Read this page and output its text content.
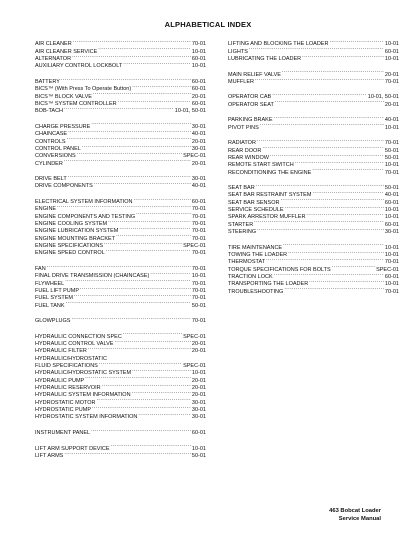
ALPHABETICAL INDEX
AIR CLEANER .....	70-01
AIR CLEANER SERVICE .....	10-01
ALTERNATOR .....	60-01
AUXILIARY CONTROL LOCKBOLT .....	10-01
BATTERY .....	60-01
BICS™ (With Press To Operate Button) .....	60-01
BICS™ BLOCK VALVE .....	20-01
BICS™ SYSTEM CONTROLLER .....	60-01
BOB-TACH .....	10-01, 50-01
CHARGE PRESSURE .....	30-01
CHAINCASE .....	40-01
CONTROLS .....	20-01
CONTROL PANEL .....	30-01
CONVERSIONS .....	SPEC-01
CYLINDER .....	20-01
DRIVE BELT .....	30-01
DRIVE COMPONENTS .....	40-01
ELECTRICAL SYSTEM INFORMATION .....	60-01
ENGINE .....	70-01
ENGINE COMPONENTS AND TESTING .....	70-01
ENGINE COOLING SYSTEM .....	70-01
ENGINE LUBRICATION SYSTEM .....	70-01
ENGINE MOUNTING BRACKET .....	70-01
ENGINE SPECIFICATIONS .....	SPEC-01
ENGINE SPEED CONTROL .....	70-01
FAN .....	70-01
FINAL DRIVE TRANSMISSION (CHAINCASE) .....	10-01
FLYWHEEL .....	70-01
FUEL LIFT PUMP .....	70-01
FUEL SYSTEM .....	70-01
FUEL TANK .....	50-01
GLOWPLUGS .....	70-01
HYDRAULIC CONNECTION SPEC .....	SPEC-01
HYDRAULIC CONTROL VALVE .....	20-01
HYDRAULIC FILTER .....	20-01
HYDRAULIC/HYDROSTATIC
FLUID SPECIFICATIONS .....	SPEC-01
HYDRAULIC/HYDROSTATIC SYSTEM .....	10-01
HYDRAULIC PUMP .....	20-01
HYDRAULIC RESERVOIR .....	20-01
HYDRAULIC SYSTEM INFORMATION .....	20-01
HYDROSTATIC MOTOR .....	30-01
HYDROSTATIC PUMP .....	30-01
HYDROSTATIC SYSTEM INFORMATION .....	30-01
INSTRUMENT PANEL .....	60-01
LIFT ARM SUPPORT DEVICE .....	10-01
LIFT ARMS .....	50-01
LIFTING AND BLOCKING THE LOADER .....	10-01
LIGHTS .....	60-01
LUBRICATING THE LOADER .....	10-01
MAIN RELIEF VALVE .....	20-01
MUFFLER .....	70-01
OPERATOR CAB .....	10-01, 50-01
OPERATOR SEAT .....	20-01
PARKING BRAKE .....	40-01
PIVOT PINS .....	10-01
RADIATOR .....	70-01
REAR DOOR .....	50-01
REAR WINDOW .....	50-01
REMOTE START SWITCH .....	10-01
RECONDITIONING THE ENGINE .....	70-01
SEAT BAR .....	50-01
SEAT BAR RESTRAINT SYSTEM .....	40-01
SEAT BAR SENSOR .....	60-01
SERVICE SCHEDULE .....	10-01
SPARK ARRESTOR MUFFLER .....	10-01
STARTER .....	60-01
STEERING .....	30-01
TIRE MAINTENANCE .....	10-01
TOWING THE LOADER .....	10-01
THERMOSTAT .....	70-01
TORQUE SPECIFICATIONS FOR BOLTS .....	SPEC-01
TRACTION LOCK .....	60-01
TRANSPORTING THE LOADER .....	10-01
TROUBLESHOOTING .....	70-01
463 Bobcat Loader
Service Manual
